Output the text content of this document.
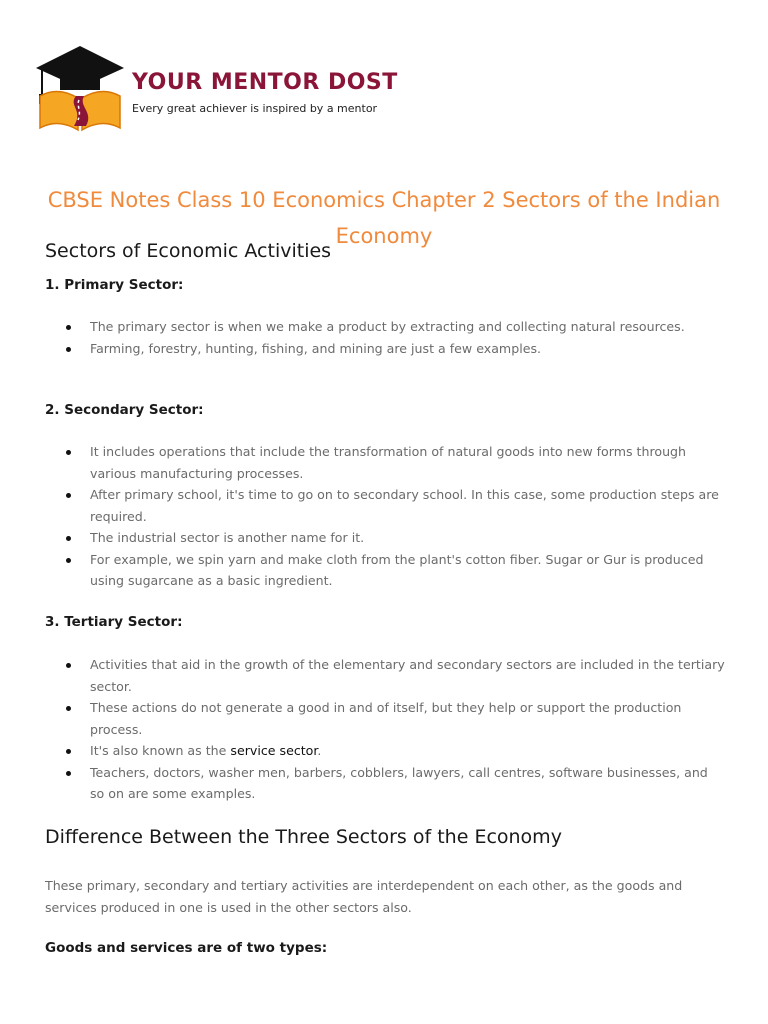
YOUR MENTOR DOST
Every great achiever is inspired by a mentor
CBSE Notes Class 10 Economics Chapter 2 Sectors of the Indian Economy
Sectors of Economic Activities
1. Primary Sector:
The primary sector is when we make a product by extracting and collecting natural resources.
Farming, forestry, hunting, fishing, and mining are just a few examples.
2. Secondary Sector:
It includes operations that include the transformation of natural goods into new forms through various manufacturing processes.
After primary school, it's time to go on to secondary school. In this case, some production steps are required.
The industrial sector is another name for it.
For example, we spin yarn and make cloth from the plant's cotton fiber. Sugar or Gur is produced using sugarcane as a basic ingredient.
3. Tertiary Sector:
Activities that aid in the growth of the elementary and secondary sectors are included in the tertiary sector.
These actions do not generate a good in and of itself, but they help or support the production process.
It's also known as the service sector.
Teachers, doctors, washer men, barbers, cobblers, lawyers, call centres, software businesses, and so on are some examples.
Difference Between the Three Sectors of the Economy

These primary, secondary and tertiary activities are interdependent on each other, as the goods and services produced in one is used in the other sectors also.

Goods and services are of two types:
